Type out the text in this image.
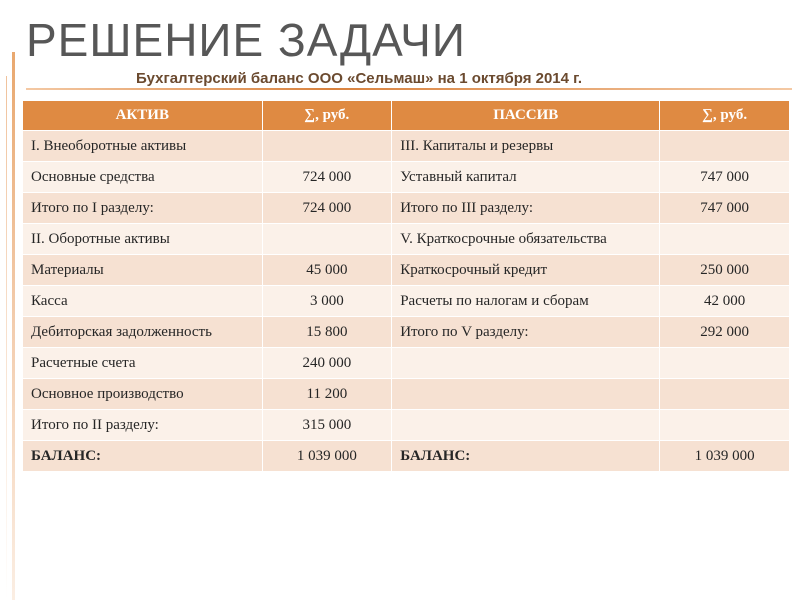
РЕШЕНИЕ ЗАДАЧИ
Бухгалтерский баланс ООО «Сельмаш» на 1 октября 2014 г.
АКТИВ	∑, руб.	ПАССИВ	∑, руб.
I. Внеоборотные активы		III. Капиталы и резервы	
Основные средства	724 000	Уставный капитал	747 000
Итого по I разделу:	724 000	Итого по III разделу:	747 000
II. Оборотные активы		V. Краткосрочные обязательства	
Материалы	45 000	Краткосрочный кредит	250 000
Касса	3 000	Расчеты по налогам и сборам	42 000
Дебиторская задолженность	15 800	Итого по V разделу:	292 000
Расчетные счета	240 000		
Основное производство	11 200		
Итого по II разделу:	315 000		
БАЛАНС:	1 039 000	БАЛАНС:	1 039 000
